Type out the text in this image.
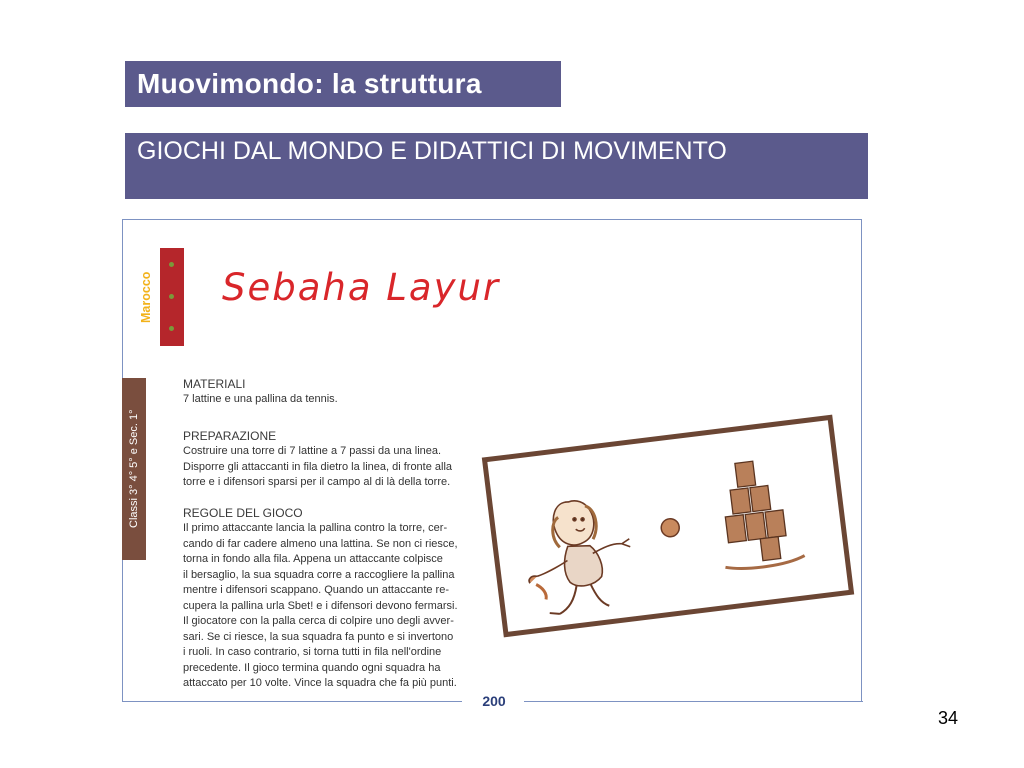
Muovimondo: la struttura
GIOCHI DAL MONDO E DIDATTICI DI MOVIMENTO
200
Marocco
Classi 3° 4° 5° e Sec. 1°
Sebaha Layur
MATERIALI
7 lattine e una pallina da tennis.
PREPARAZIONE
Costruire una torre di 7 lattine a 7 passi da una linea.
Disporre gli attaccanti in fila dietro la linea, di fronte alla
torre e i difensori sparsi per il campo al di là della torre.
REGOLE DEL GIOCO
Il primo attaccante lancia la pallina contro la torre, cer-
cando di far cadere almeno una lattina. Se non ci riesce,
torna in fondo alla fila. Appena un attaccante colpisce
il bersaglio, la sua squadra corre a raccogliere la pallina
mentre i difensori scappano. Quando un attaccante re-
cupera la pallina urla Sbet! e i difensori devono fermarsi.
Il giocatore con la palla cerca di colpire uno degli avver-
sari. Se ci riesce, la sua squadra fa punto e si invertono
i ruoli. In caso contrario, si torna tutti in fila nell'ordine
precedente. Il gioco termina quando ogni squadra ha
attaccato per 10 volte. Vince la squadra che fa più punti.
34
